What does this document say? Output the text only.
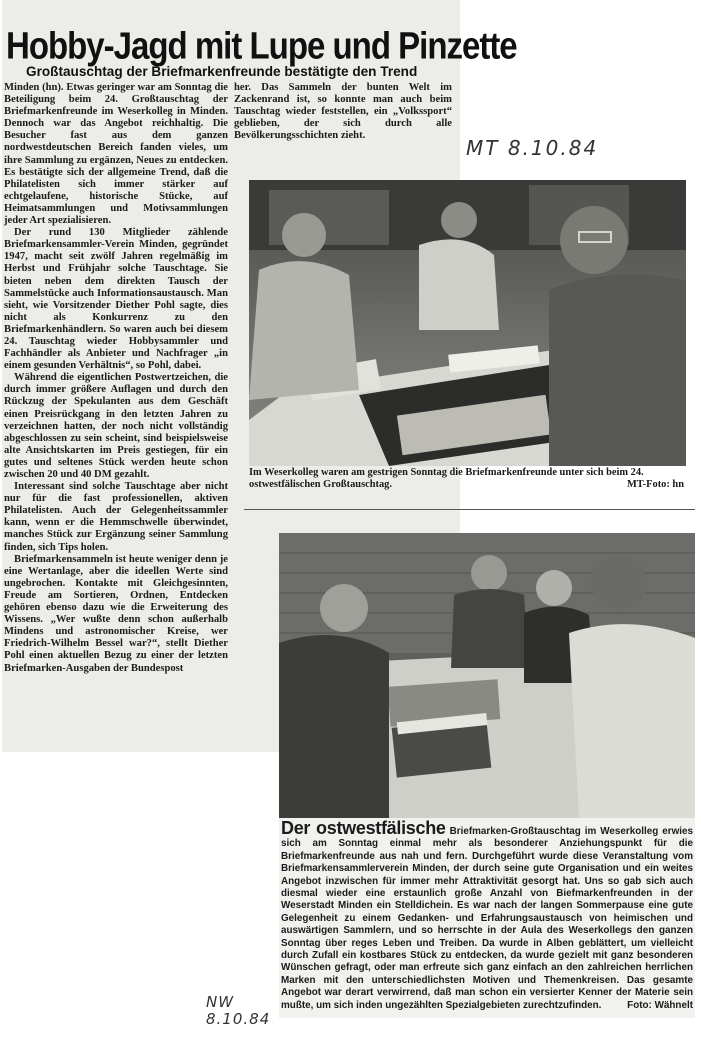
Hobby-Jagd mit Lupe und Pinzette
Großtauschtag der Briefmarkenfreunde bestätigte den Trend

Minden (hn). Etwas geringer war am Sonntag die Beteiligung beim 24. Großtauschtag der Briefmarkenfreunde im Weserkolleg in Minden. Dennoch war das Angebot reichhaltig. Die Besucher fast aus dem ganzen nordwestdeutschen Bereich fanden vieles, um ihre Sammlung zu ergänzen, Neues zu entdecken. Es bestätigte sich der allgemeine Trend, daß die Philatelisten sich immer stärker auf echtgelaufene, historische Stücke, auf Heimatsammlungen und Motivsammlungen jeder Art spezialisieren.

Der rund 130 Mitglieder zählende Briefmarkensammler-Verein Minden, gegründet 1947, macht seit zwölf Jahren regelmäßig im Herbst und Frühjahr solche Tauschtage. Sie bieten neben dem direkten Tausch der Sammelstücke auch Informationsaustausch. Man sieht, wie Vorsitzender Diether Pohl sagte, dies nicht als Konkurrenz zu den Briefmarkenhändlern. So waren auch bei diesem 24. Tauschtag wieder Hobbysammler und Fachhändler als Anbieter und Nachfrager „in einem gesunden Verhältnis“, so Pohl, dabei.

Während die eigentlichen Postwertzeichen, die durch immer größere Auflagen und durch den Rückzug der Spekulanten aus dem Geschäft einen Preisrückgang in den letzten Jahren zu verzeichnen hatten, der noch nicht vollständig abgeschlossen zu sein scheint, sind beispielsweise alte Ansichtskarten im Preis gestiegen, für ein gutes und seltenes Stück werden heute schon zwischen 20 und 40 DM gezahlt.

Interessant sind solche Tauschtage aber nicht nur für die fast professionellen, aktiven Philatelisten. Auch der Gelegenheitssammler kann, wenn er die Hemmschwelle überwindet, manches Stück zur Ergänzung seiner Sammlung finden, sich Tips holen.

Briefmarkensammeln ist heute weniger denn je eine Wertanlage, aber die ideellen Werte sind ungebrochen. Kontakte mit Gleichgesinnten, Freude am Sortieren, Ordnen, Entdecken gehören ebenso dazu wie die Erweiterung des Wissens. „Wer wußte denn schon außerhalb Mindens und astronomischer Kreise, wer Friedrich-Wilhelm Bessel war?“, stellt Diether Pohl einen aktuellen Bezug zu einer der letzten Briefmarken-Ausgaben der Bundespost

her. Das Sammeln der bunten Welt im Zackenrand ist, so konnte man auch beim Tauschtag wieder feststellen, ein „Volkssport“ geblieben, der sich durch alle Bevölkerungsschichten zieht.

MT 8.10.84
Im Weserkolleg waren am gestrigen Sonntag die Briefmarkenfreunde unter sich beim 24. ostwestfälischen Großtauschtag.	MT-Foto: hn
Der ostwestfälische Briefmarken-Großtauschtag im Weserkolleg erwies sich am Sonntag einmal mehr als besonderer Anziehungspunkt für die Briefmarkenfreunde aus nah und fern. Durchgeführt wurde diese Veranstaltung vom Briefmarkensammlerverein Minden, der durch seine gute Organisation und ein weites Angebot inzwischen für immer mehr Attraktivität gesorgt hat. Uns so gab sich auch diesmal wieder eine erstaunlich große Anzahl von Biefmarkenfreunden in der Weserstadt Minden ein Stelldichein. Es war nach der langen Sommerpause eine gute Gelegenheit zu einem Gedanken- und Erfahrungsaustausch von heimischen und auswärtigen Sammlern, und so herrschte in der Aula des Weserkollegs den ganzen Sonntag über reges Leben und Treiben. Da wurde in Alben geblättert, um vielleicht durch Zufall ein kostbares Stück zu entdecken, da wurde gezielt mit ganz besonderen Wünschen gefragt, oder man erfreute sich ganz einfach an den zahlreichen herrlichen Marken mit den unterschiedlichsten Motiven und Themenkreisen. Das gesamte Angebot war derart verwirrend, daß man schon ein versierter Kenner der Materie sein mußte, um sich inden ungezählten Spezialgebieten zurechtzufinden.	Foto: Wähnelt
NW
8.10.84
